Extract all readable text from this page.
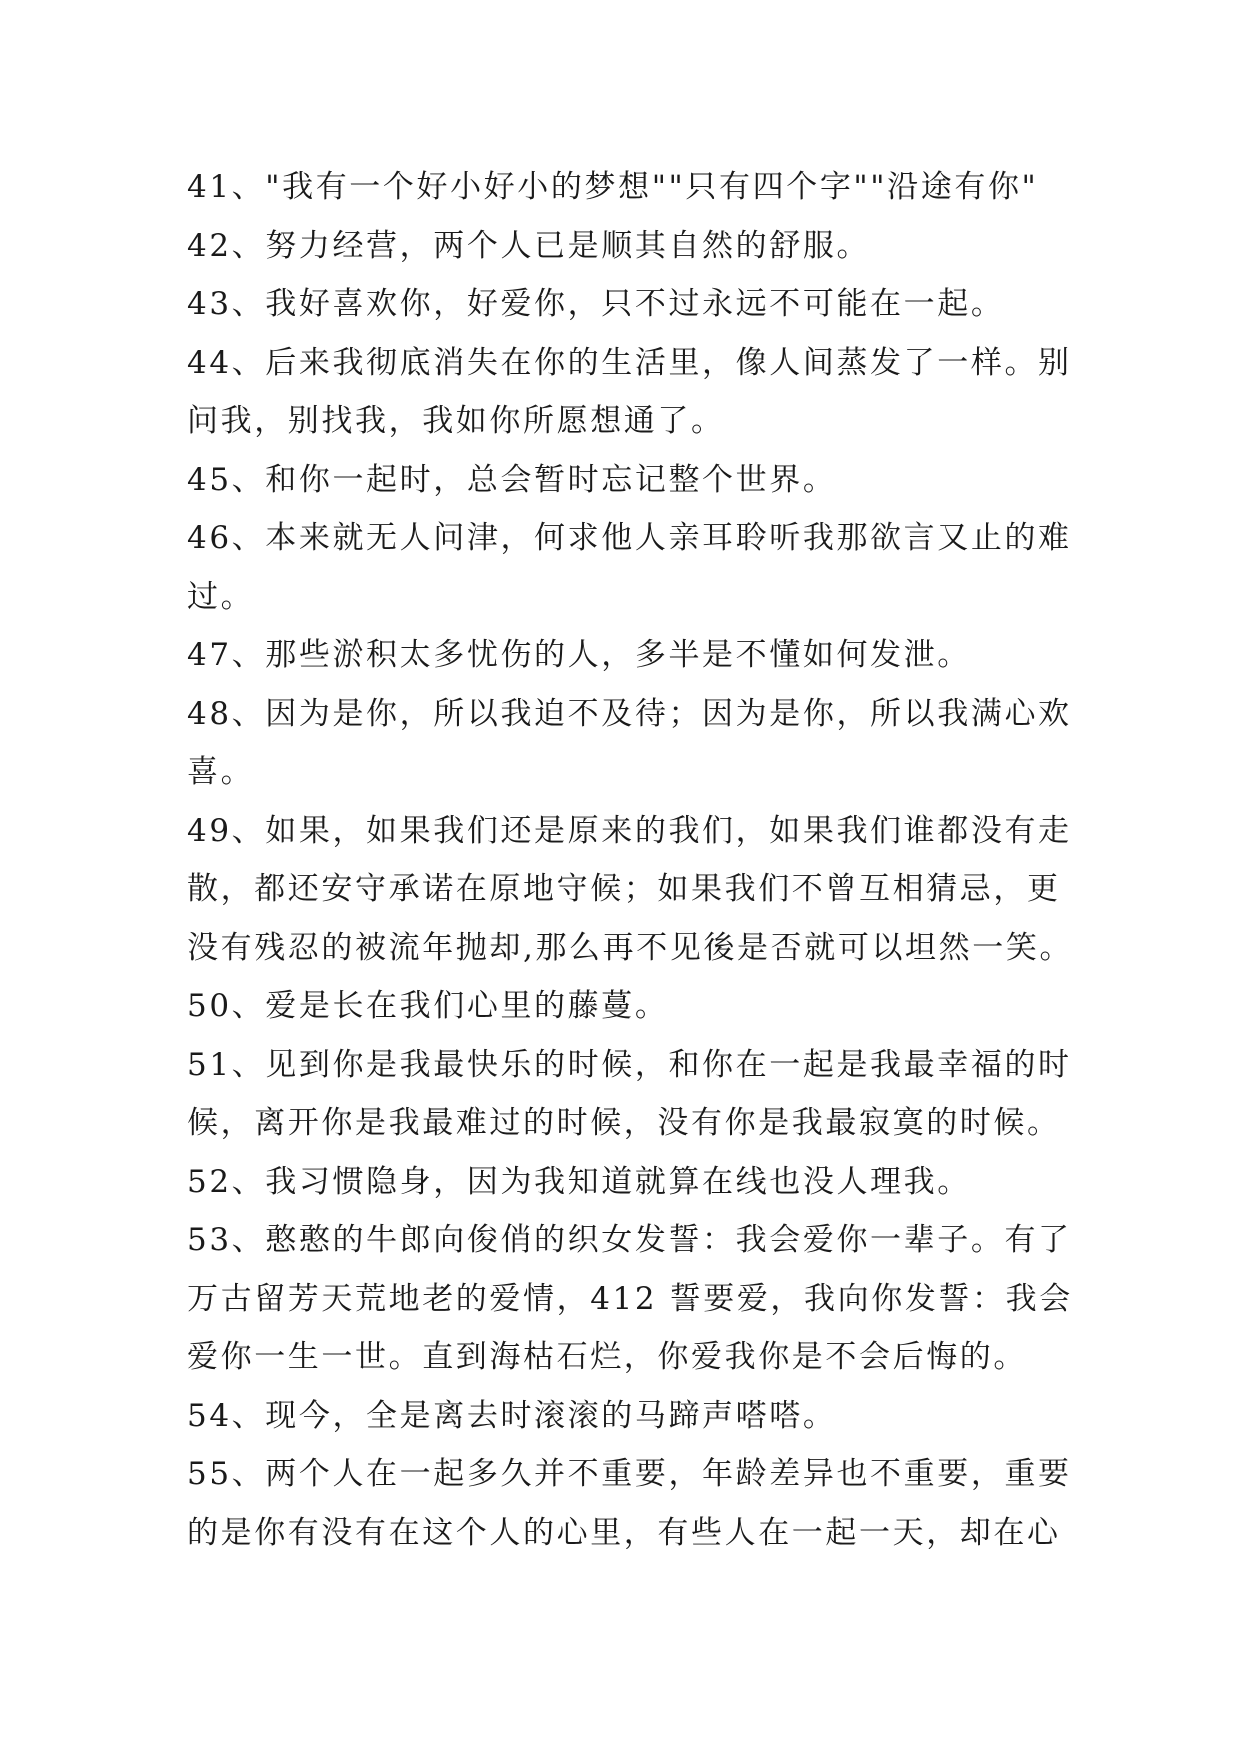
41、"我有一个好小好小的梦想""只有四个字""沿途有你"
42、努力经营，两个人已是顺其自然的舒服。
43、我好喜欢你，好爱你，只不过永远不可能在一起。
44、后来我彻底消失在你的生活里，像人间蒸发了一样。别
问我，别找我，我如你所愿想通了。
45、和你一起时，总会暂时忘记整个世界。
46、本来就无人问津，何求他人亲耳聆听我那欲言又止的难
过。
47、那些淤积太多忧伤的人，多半是不懂如何发泄。
48、因为是你，所以我迫不及待；因为是你，所以我满心欢
喜。
49、如果，如果我们还是原来的我们，如果我们谁都没有走
散，都还安守承诺在原地守候；如果我们不曾互相猜忌，更
没有残忍的被流年抛却,那么再不见後是否就可以坦然一笑。
50、爱是长在我们心里的藤蔓。
51、见到你是我最快乐的时候，和你在一起是我最幸福的时
候，离开你是我最难过的时候，没有你是我最寂寞的时候。
52、我习惯隐身，因为我知道就算在线也没人理我。
53、憨憨的牛郎向俊俏的织女发誓：我会爱你一辈子。有了
万古留芳天荒地老的爱情，412 誓要爱，我向你发誓：我会
爱你一生一世。直到海枯石烂，你爱我你是不会后悔的。
54、现今，全是离去时滚滚的马蹄声嗒嗒。
55、两个人在一起多久并不重要，年龄差异也不重要，重要
的是你有没有在这个人的心里，有些人在一起一天，却在心
